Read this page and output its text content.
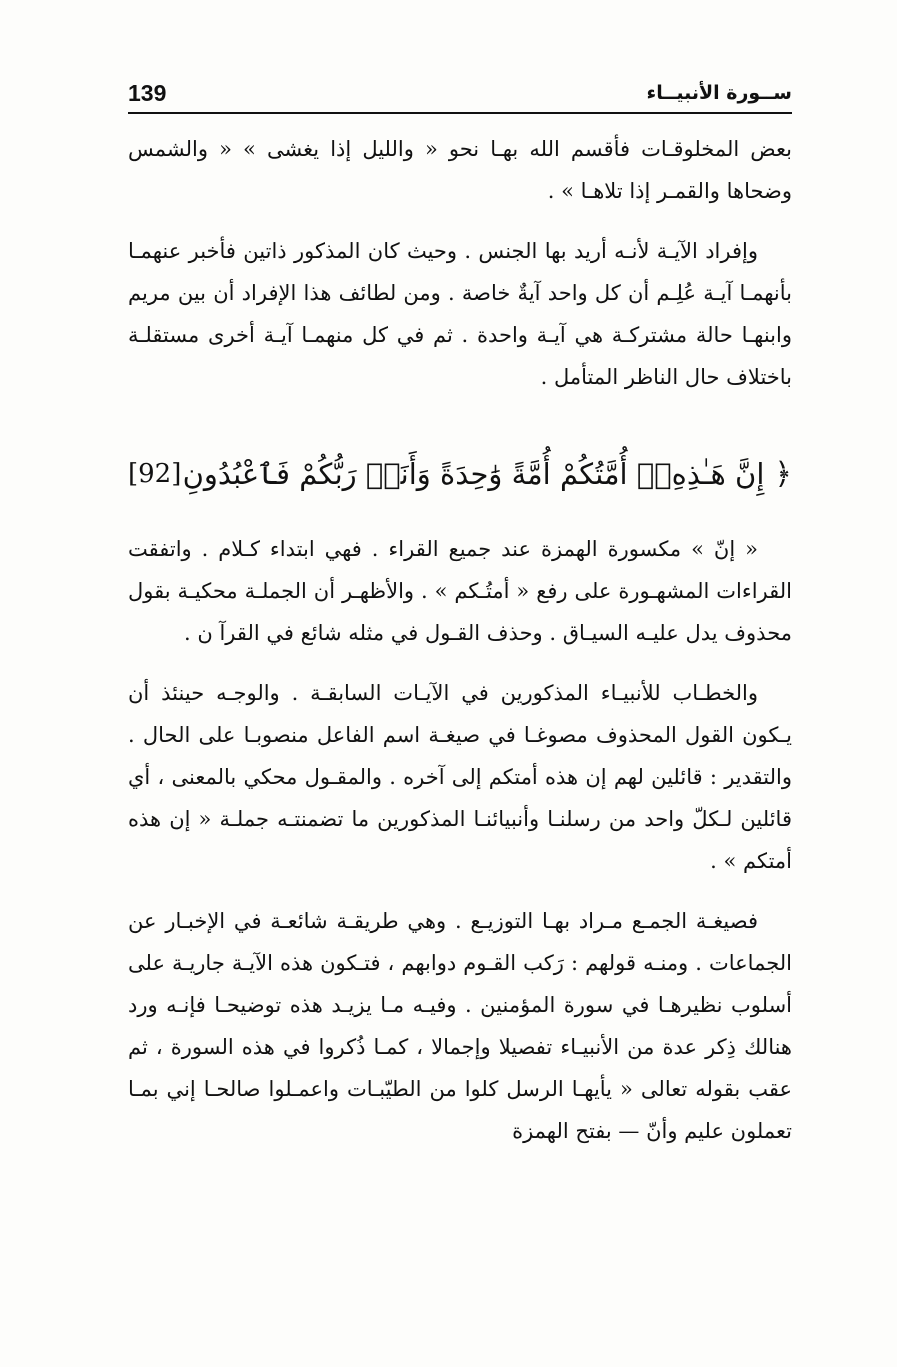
ســورة الأنبيــاء
139

بعض المخلوقـات فأقسم الله بهـا نحو « والليل إذا يغشى » « والشمس وضحاها والقمـر إذا تلاهـا » .

وإفراد الآيـة لأنـه أريد بها الجنس . وحيث كان المذكور ذاتين فأخبر عنهمـا بأنهمـا آيـة عُلِـم أن كل واحد آيةٌ خاصة . ومن لطائف هذا الإفراد أن بين مريم وابنهـا حالة مشتركـة هي آيـة واحدة . ثم في كل منهمـا آيـة أخرى مستقلـة باختلاف حال الناظر المتأمل .

﴿إِنَّ هَـٰذِهِۦٓ أُمَّتُكُمْ أُمَّةً وَٰحِدَةً وَأَنَا۠ رَبُّكُمْ فَٱعْبُدُونِ
[92]

« إنّ » مكسورة الهمزة عند جميع القراء . فهي ابتداء كـلام . واتفقت القراءات المشهـورة على رفع « أمتُـكم » . والأظهـر أن الجملـة محكيـة بقول محذوف يدل عليـه السيـاق . وحذف القـول في مثله شائع في القرآ ن .

والخطـاب للأنبيـاء المذكورين في الآيـات السابقـة . والوجـه حينئذ أن يـكون القول المحذوف مصوغـا في صيغـة اسم الفاعل منصوبـا على الحال . والتقدير : قائلين لهم إن هذه أمتكم إلى آخره . والمقـول محكي بالمعنى ، أي قائلين لـكلّ واحد من رسلنـا وأنبيائنـا المذكورين ما تضمنتـه جملـة « إن هذه أمتكم » .

فصيغـة الجمـع مـراد بهـا التوزيـع . وهي طريقـة شائعـة في الإخبـار عن الجماعات . ومنـه قولهم : رَكب القـوم دوابهم ، فتـكون هذه الآيـة جاريـة على أسلوب نظيرهـا في سورة المؤمنين . وفيـه مـا يزيـد هذه توضيحـا فإنـه ورد هنالك ذِكر عدة من الأنبيـاء تفصيلا وإجمالا ، كمـا ذُكروا في هذه السورة ، ثم عقب بقوله تعالى « يأيهـا الرسل كلوا من الطيّبـات واعمـلوا صالحـا إني بمـا تعملون عليم وأنّ — بفتح الهمزة
